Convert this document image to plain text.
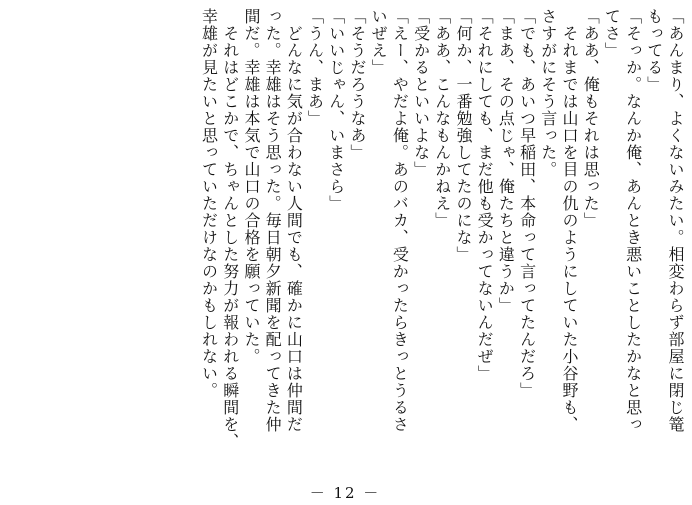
「あんまり、よくないみたい。相変わらず部屋に閉じ篭
もってる」
「そっか。なんか俺、あんとき悪いことしたかなと思っ
てさ」
「ああ、俺もそれは思った」
　それまでは山口を目の仇のようにしていた小谷野も、
さすがにそう言った。
「でも、あいつ早稲田、本命って言ってたんだろ」
「まあ、その点じゃ、俺たちと違うか」
「それにしても、まだ他も受かってないんだぜ」
「何か、一番勉強してたのにな」
「ああ、こんなもんかねえ」
「受かるといいよな」
「えー、やだよ俺。あのバカ、受かったらきっとうるさ
いぜえ」
「そうだろうなあ」
「いいじゃん、いまさら」
「うん、まあ」
　どんなに気が合わない人間でも、確かに山口は仲間だ
った。幸雄はそう思った。毎日朝夕新聞を配ってきた仲
間だ。幸雄は本気で山口の合格を願っていた。
　それはどこかで、ちゃんとした努力が報われる瞬間を、
幸雄が見たいと思っていただけなのかもしれない。
－ 12 －
